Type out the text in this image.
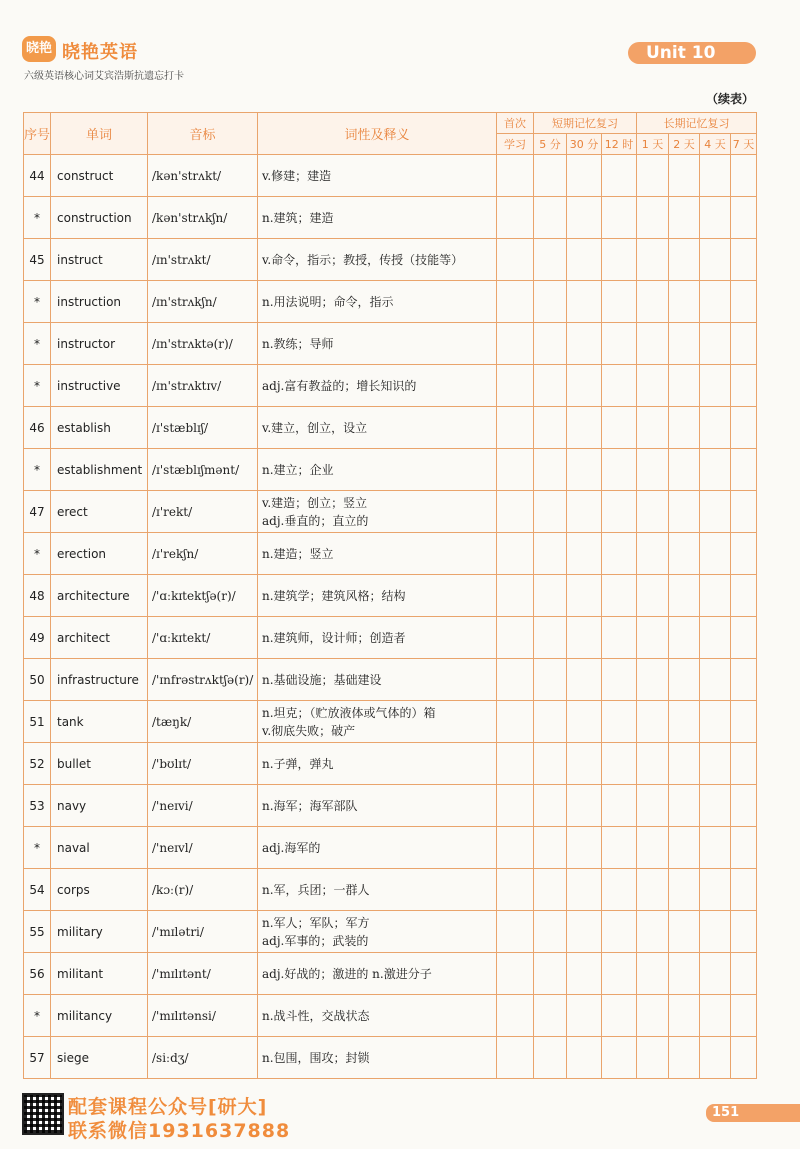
晓艳 晓艳英语
六级英语核心词艾宾浩斯抗遗忘打卡
Unit 10
（续表）
序号	单词	音标	词性及释义	首次	短期记忆复习			长期记忆复习			
				学习	5 分	30 分	12 时	1 天	2 天	4 天	7 天
44	construct	/kən'strʌkt/	v.修建；建造								

*	construction	/kən'strʌkʃn/	n.建筑；建造								

45	instruct	/ɪn'strʌkt/	v.命令，指示；教授，传授（技能等）								

*	instruction	/ɪn'strʌkʃn/	n.用法说明；命令，指示								

*	instructor	/ɪn'strʌktə(r)/	n.教练；导师								

*	instructive	/ɪn'strʌktɪv/	adj.富有教益的；增长知识的								

46	establish	/ɪ'stæblɪʃ/	v.建立，创立，设立								

*	establishment	/ɪ'stæblɪʃmənt/	n.建立；企业								

47	erect	/ɪ'rekt/	v.建造；创立；竖立
adj.垂直的；直立的								

*	erection	/ɪ'rekʃn/	n.建造；竖立								

48	architecture	/'ɑːkɪtektʃə(r)/	n.建筑学；建筑风格；结构								

49	architect	/'ɑːkɪtekt/	n.建筑师，设计师；创造者								

50	infrastructure	/'ɪnfrəstrʌktʃə(r)/	n.基础设施；基础建设								

51	tank	/tæŋk/	n.坦克；（贮放液体或气体的）箱
v.彻底失败；破产								

52	bullet	/'bʊlɪt/	n.子弹，弹丸								

53	navy	/'neɪvi/	n.海军；海军部队								

*	naval	/'neɪvl/	adj.海军的								

54	corps	/kɔː(r)/	n.军，兵团；一群人								

55	military	/'mɪlətri/	n.军人；军队；军方
adj.军事的；武装的								

56	militant	/'mɪlɪtənt/	adj.好战的；激进的 n.激进分子								

*	militancy	/'mɪlɪtənsi/	n.战斗性，交战状态								

57	siege	/siːdʒ/	n.包围，围攻；封锁								

配套课程公众号[研大]
联系微信1931637888
151
